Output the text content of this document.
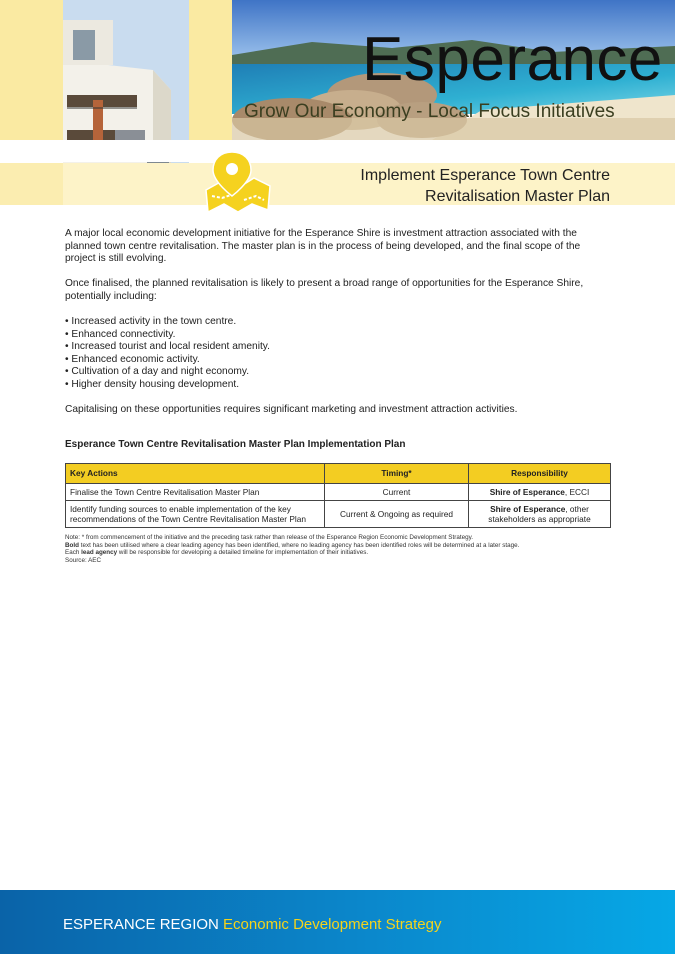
Esperance
Grow Our Economy - Local Focus Initiatives
Implement Esperance Town Centre
Revitalisation Master Plan

A major local economic development initiative for the Esperance Shire is investment attraction associated with the planned town centre revitalisation. The master plan is in the process of being developed, and the final scope of the project is still evolving.

Once finalised, the planned revitalisation is likely to present a broad range of opportunities for the Esperance Shire, potentially including:

• Increased activity in the town centre.
• Enhanced connectivity.
• Increased tourist and local resident amenity.
• Enhanced economic activity.
• Cultivation of a day and night economy.
• Higher density housing development.

Capitalising on these opportunities requires significant marketing and investment attraction activities.

Esperance Town Centre Revitalisation Master Plan Implementation Plan
Key Actions	Timing*	Responsibility
Finalise the Town Centre Revitalisation Master Plan	Current	Shire of Esperance, ECCI
Identify funding sources to enable implementation of the key recommendations of the Town Centre Revitalisation Master Plan	Current & Ongoing as required	Shire of Esperance, other stakeholders as appropriate
Note: * from commencement of the initiative and the preceding task rather than release of the Esperance Region Economic Development Strategy.
Bold text has been utilised where a clear leading agency has been identified, where no leading agency has been identified roles will be determined at a later stage.
Each lead agency will be responsible for developing a detailed timeline for implementation of their initiatives.
Source: AEC
ESPERANCE REGION Economic Development Strategy
